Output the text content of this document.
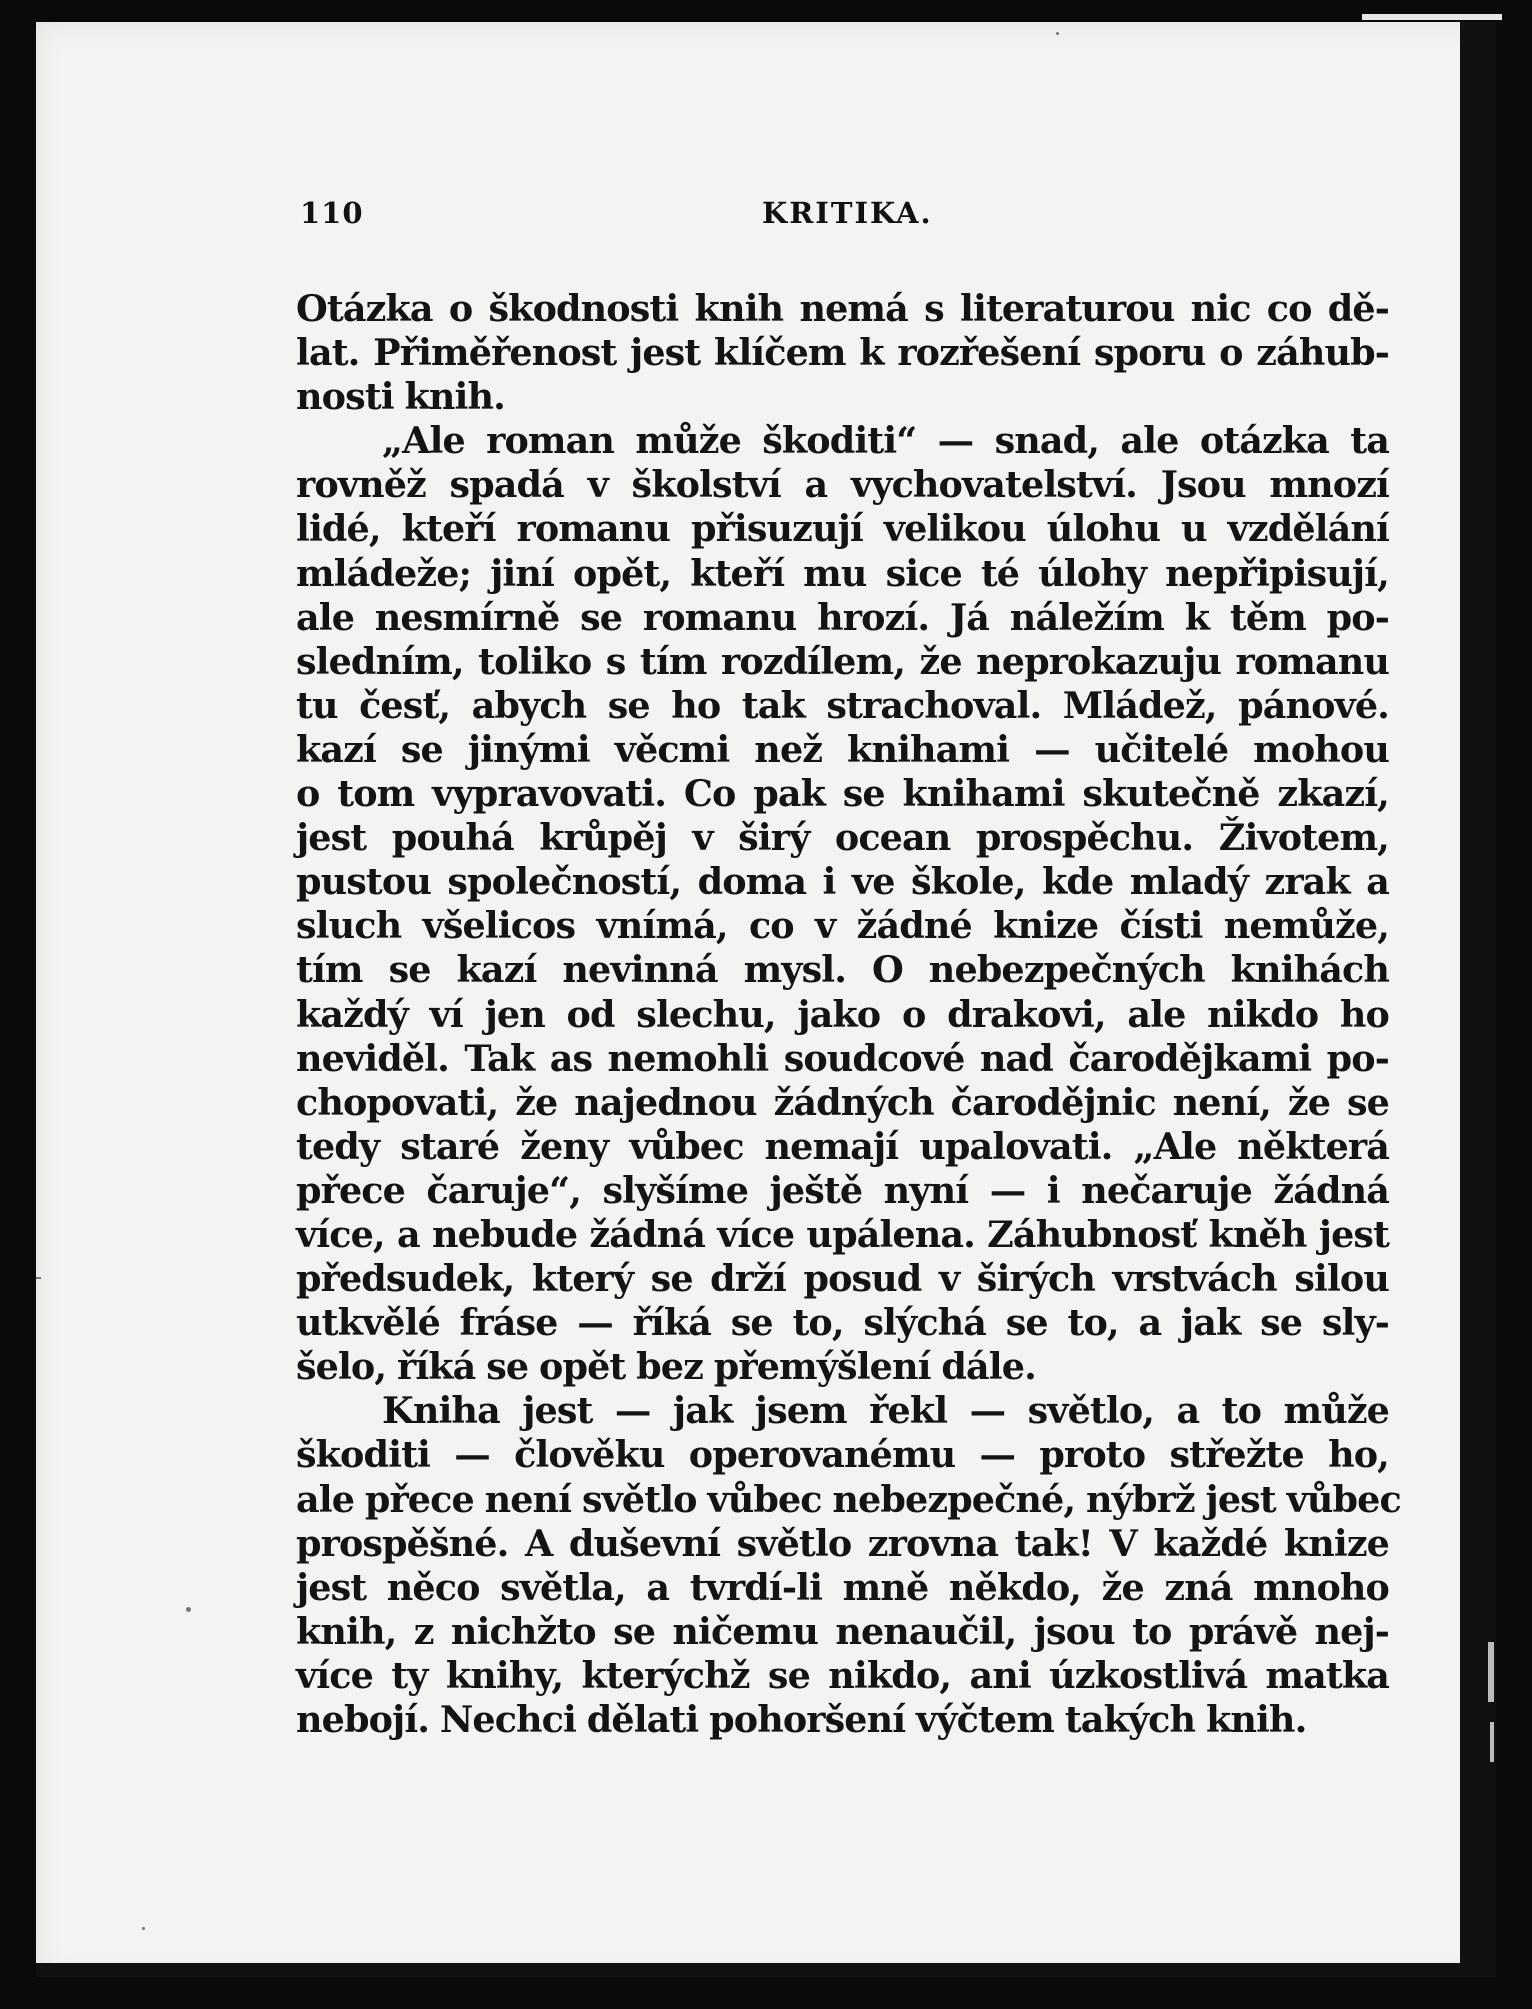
110	KRITIKA.
Otázka o škodnosti knih nemá s literaturou nic co dě-
lat. Přiměřenost jest klíčem k rozřešení sporu o záhub-
nosti knih.
„Ale roman může škoditi“ — snad, ale otázka ta
rovněž spadá v školství a vychovatelství. Jsou mnozí
lidé, kteří romanu přisuzují velikou úlohu u vzdělání
mládeže; jiní opět, kteří mu sice té úlohy nepřipisují,
ale nesmírně se romanu hrozí. Já náležím k těm po-
sledním, toliko s tím rozdílem, že neprokazuju romanu
tu česť, abych se ho tak strachoval. Mládež, pánové.
kazí se jinými věcmi než knihami — učitelé mohou
o tom vypravovati. Co pak se knihami skutečně zkazí,
jest pouhá krůpěj v širý ocean prospěchu. Životem,
pustou společností, doma i ve škole, kde mladý zrak a
sluch všelicos vnímá, co v žádné knize čísti nemůže,
tím se kazí nevinná mysl. O nebezpečných knihách
každý ví jen od slechu, jako o drakovi, ale nikdo ho
neviděl. Tak as nemohli soudcové nad čarodějkami po-
chopovati, že najednou žádných čarodějnic není, že se
tedy staré ženy vůbec nemají upalovati. „Ale některá
přece čaruje“, slyšíme ještě nyní — i nečaruje žádná
více, a nebude žádná více upálena. Záhubnosť kněh jest
předsudek, který se drží posud v širých vrstvách silou
utkvělé fráse — říká se to, slýchá se to, a jak se sly-
šelo, říká se opět bez přemýšlení dále.
Kniha jest — jak jsem řekl — světlo, a to může
škoditi — člověku operovanému — proto střežte ho,
ale přece není světlo vůbec nebezpečné, nýbrž jest vůbec
prospěšné. A duševní světlo zrovna tak! V každé knize
jest něco světla, a tvrdí-li mně někdo, že zná mnoho
knih, z nichžto se ničemu nenaučil, jsou to právě nej-
více ty knihy, kterýchž se nikdo, ani úzkostlivá matka
nebojí. Nechci dělati pohoršení výčtem takých knih.
